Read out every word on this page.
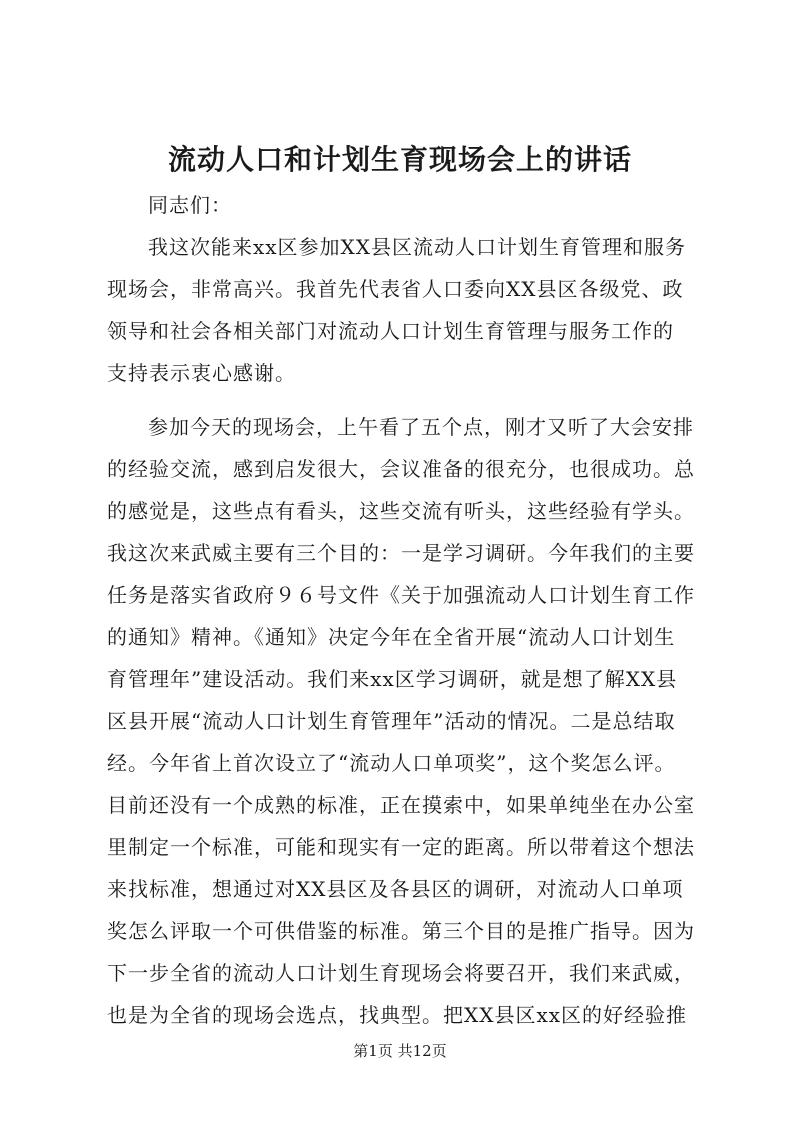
流动人口和计划生育现场会上的讲话
同志们：
我这次能来xx区参加XX县区流动人口计划生育管理和服务
现场会，非常高兴。我首先代表省人口委向XX县区各级党、政
领导和社会各相关部门对流动人口计划生育管理与服务工作的
支持表示衷心感谢。
参加今天的现场会，上午看了五个点，刚才又听了大会安排
的经验交流，感到启发很大，会议准备的很充分，也很成功。总
的感觉是，这些点有看头，这些交流有听头，这些经验有学头。
我这次来武威主要有三个目的：一是学习调研。今年我们的主要
任务是落实省政府９６号文件《关于加强流动人口计划生育工作
的通知》精神。《通知》决定今年在全省开展“流动人口计划生
育管理年”建设活动。我们来xx区学习调研，就是想了解XX县
区县开展“流动人口计划生育管理年”活动的情况。二是总结取
经。今年省上首次设立了“流动人口单项奖”，这个奖怎么评。
目前还没有一个成熟的标准，正在摸索中，如果单纯坐在办公室
里制定一个标准，可能和现实有一定的距离。所以带着这个想法
来找标准，想通过对XX县区及各县区的调研，对流动人口单项
奖怎么评取一个可供借鉴的标准。第三个目的是推广指导。因为
下一步全省的流动人口计划生育现场会将要召开，我们来武威，
也是为全省的现场会选点，找典型。把XX县区xx区的好经验推
第1页 共12页
